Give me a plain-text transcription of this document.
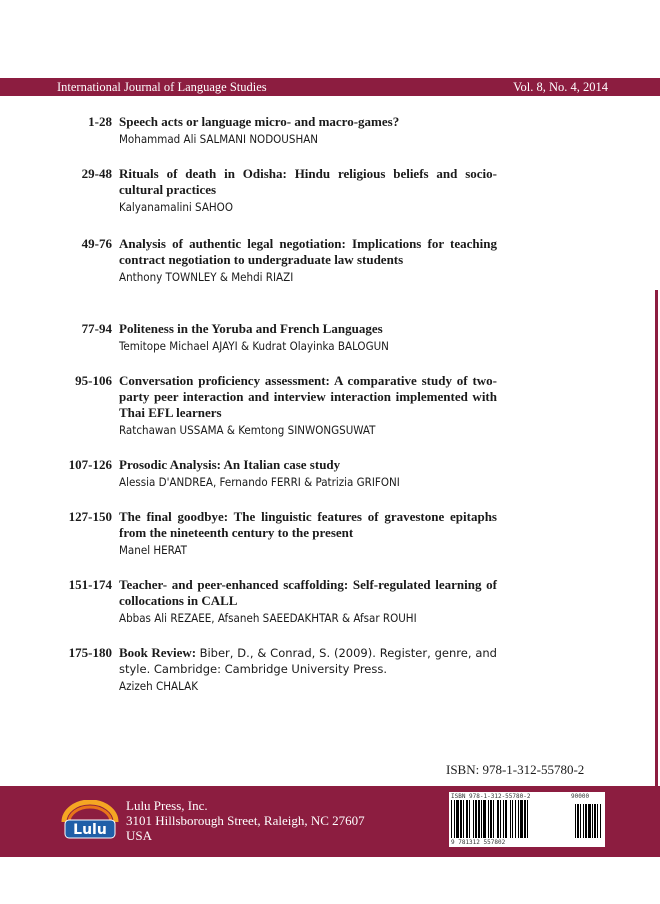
International Journal of Language Studies	Vol. 8, No. 4, 2014
1-28 Speech acts or language micro- and macro-games?
Mohammad Ali SALMANI NODOUSHAN
29-48 Rituals of death in Odisha: Hindu religious beliefs and socio-cultural practices
Kalyanamalini SAHOO
49-76 Analysis of authentic legal negotiation: Implications for teaching contract negotiation to undergraduate law students
Anthony TOWNLEY & Mehdi RIAZI
77-94 Politeness in the Yoruba and French Languages
Temitope Michael AJAYI & Kudrat Olayinka BALOGUN
95-106 Conversation proficiency assessment: A comparative study of two-party peer interaction and interview interaction implemented with Thai EFL learners
Ratchawan USSAMA & Kemtong SINWONGSUWAT
107-126 Prosodic Analysis: An Italian case study
Alessia D'ANDREA, Fernando FERRI & Patrizia GRIFONI
127-150 The final goodbye: The linguistic features of gravestone epitaphs from the nineteenth century to the present
Manel HERAT
151-174 Teacher- and peer-enhanced scaffolding: Self-regulated learning of collocations in CALL
Abbas Ali REZAEE, Afsaneh SAEEDAKHTAR & Afsar ROUHI
175-180 Book Review: Biber, D., & Conrad, S. (2009). Register, genre, and style. Cambridge: Cambridge University Press.
Azizeh CHALAK
ISBN: 978-1-312-55780-2
Lulu
Lulu Press, Inc.
3101 Hillsborough Street, Raleigh, NC 27607
USA
ISBN 978-1-312-55780-2	90000
9 781312 557802
